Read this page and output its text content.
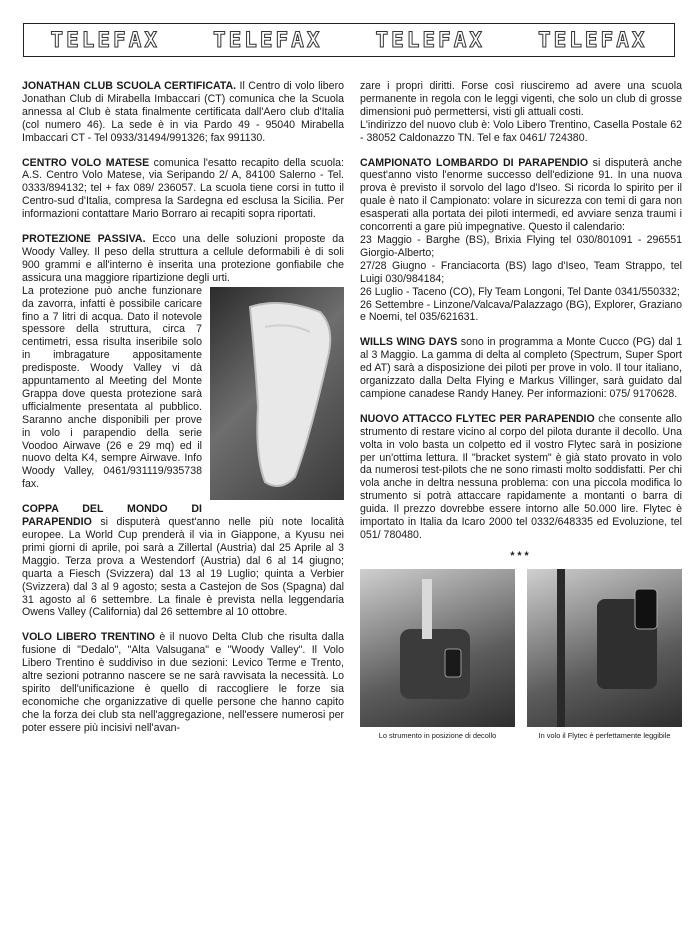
TELEFAX	TELEFAX	TELEFAX	TELEFAX

JONATHAN CLUB SCUOLA CERTIFICATA. Il Centro di volo libero Jonathan Club di Mirabella Imbaccari (CT) comunica che la Scuola annessa al Club è stata finalmente certificata dall'Aero club d'Italia (col numero 46). La sede è in via Pardo 49 - 95040 Mirabella Imbaccari CT - Tel 0933/31494/991326; fax 991130.

CENTRO VOLO MATESE comunica l'esatto recapito della scuola: A.S. Centro Volo Matese, via Seripando 2/ A, 84100 Salerno - Tel. 0333/894132; tel + fax 089/ 236057. La scuola tiene corsi in tutto il Centro-sud d'Italia, compresa la Sardegna ed esclusa la Sicilia. Per informazioni contattare Mario Borraro ai recapiti sopra riportati.

PROTEZIONE PASSIVA. Ecco una delle soluzioni proposte da Woody Valley. Il peso della struttura a cellule deformabili è di soli 900 grammi e all'interno è inserita una protezione gonfiabile che assicura una maggiore ripartizione degli urti.

La protezione può anche funzionare da zavorra, infatti è possibile caricare fino a 7 litri di acqua. Dato il notevole spessore della struttura, circa 7 centimetri, essa risulta inseribile solo in imbragature appositamente predisposte. Woody Valley vi dà appuntamento al Meeting del Monte Grappa dove questa protezione sarà ufficialmente presentata al pubblico. Saranno anche disponibili per prove in volo i parapendio della serie Voodoo Airwave (26 e 29 mq) ed il nuovo delta K4, sempre Airwave. Info Woody Valley, 0461/931119/935738 fax.

COPPA DEL MONDO DI PARAPENDIO si disputerà quest'anno nelle più note località europee. La World Cup prenderà il via in Giappone, a Kyusu nei primi giorni di aprile, poi sarà a Zillertal (Austria) dal 25 Aprile al 3 Maggio. Terza prova a Westendorf (Austria) dal 6 al 14 giugno; quarta a Fiesch (Svizzera) dal 13 al 19 Luglio; quinta a Verbier (Svizzera) dal 3 al 9 agosto; sesta a Castejon de Sos (Spagna) dal 31 agosto al 6 settembre. La finale è prevista nella leggendaria Owens Valley (California) dal 26 settembre al 10 ottobre.

VOLO LIBERO TRENTINO è il nuovo Delta Club che risulta dalla fusione di "Dedalo", "Alta Valsugana" e "Woody Valley". Il Volo Libero Trentino è suddiviso in due sezioni: Levico Terme e Trento, altre sezioni potranno nascere se ne sarà ravvisata la necessità. Lo spirito dell'unificazione è quello di raccogliere le forze sia economiche che organizzative di quelle persone che hanno capito che la forza dei club sta nell'aggregazione, nell'essere numerosi per poter essere più incisivi nell'avan-

zare i propri diritti. Forse così riusciremo ad avere una scuola permanente in regola con le leggi vigenti, che solo un club di grosse dimensioni può permettersi, visti gli attuali costi.

L'indirizzo del nuovo club è: Volo Libero Trentino, Casella Postale 62 - 38052 Caldonazzo TN. Tel e fax 0461/ 724380.

CAMPIONATO LOMBARDO DI PARAPENDIO si disputerà anche quest'anno visto l'enorme successo dell'edizione 91. In una nuova prova è previsto il sorvolo del lago d'Iseo. Si ricorda lo spirito per il quale è nato il Campionato: volare in sicurezza con temi di gara non esasperati alla portata dei piloti intermedi, ed avviare senza traumi i concorrenti a gare più impegnative. Questo il calendario:
23 Maggio - Barghe (BS), Brixia Flying tel 030/801091 - 296551 Giorgio-Alberto;
27/28 Giugno - Franciacorta (BS) lago d'Iseo, Team Strappo, tel Luigi 030/984184;
26 Luglio - Taceno (CO), Fly Team Longoni, Tel Dante 0341/550332;
26 Settembre - Linzone/Valcava/Palazzago (BG), Explorer, Graziano e Noemi, tel 035/621631.

WILLS WING DAYS sono in programma a Monte Cucco (PG) dal 1 al 3 Maggio. La gamma di delta al completo (Spectrum, Super Sport ed AT) sarà a disposizione dei piloti per prove in volo. Il tour italiano, organizzato dalla Delta Flying e Markus Villinger, sarà guidato dal campione canadese Randy Haney. Per informazioni: 075/ 9170628.

NUOVO ATTACCO FLYTEC PER PARAPENDIO che consente allo strumento di restare vicino al corpo del pilota durante il decollo. Una volta in volo basta un colpetto ed il vostro Flytec sarà in posizione per un'ottima lettura. Il "bracket system" è già stato provato in volo da numerosi test-pilots che ne sono rimasti molto soddisfatti. Per chi vola anche in deltra nessuna problema: con una piccola modifica lo strumento si potrà attaccare rapidamente a montanti o barra di guida. Il prezzo dovrebbe essere intorno alle 50.000 lire. Flytec è importato in Italia da Icaro 2000 tel 0332/648335 ed Evoluzione, tel 051/ 780480.

***
Lo strumento in posizione di decollo	In volo il Flytec è perfettamente leggibile
